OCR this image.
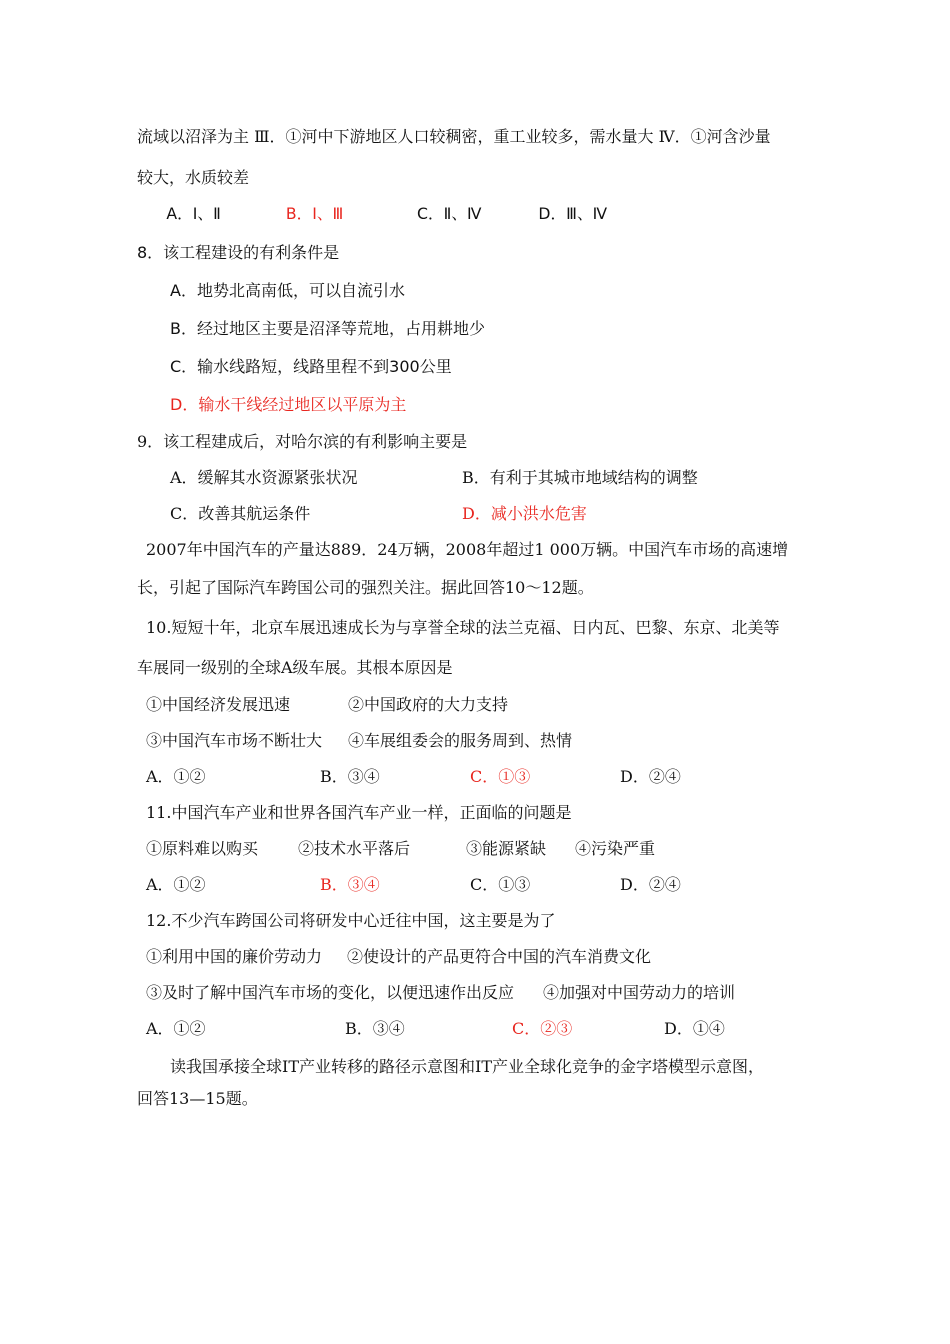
流域以沼泽为主 Ⅲ．①河中下游地区人口较稠密，重工业较多，需水量大 Ⅳ．①河含沙量
较大，水质较差
A．Ⅰ、Ⅱ	B．Ⅰ、Ⅲ	C．Ⅱ、Ⅳ	D．Ⅲ、Ⅳ
8．该工程建设的有利条件是
A．地势北高南低，可以自流引水
B．经过地区主要是沼泽等荒地，占用耕地少
C．输水线路短，线路里程不到300公里
D．输水干线经过地区以平原为主
9．该工程建成后，对哈尔滨的有利影响主要是
A．缓解其水资源紧张状况	B．有利于其城市地域结构的调整
C．改善其航运条件	D．减小洪水危害
2007年中国汽车的产量达889．24万辆，2008年超过1 000万辆。中国汽车市场的高速增
长，引起了国际汽车跨国公司的强烈关注。据此回答10～12题。
10.短短十年，北京车展迅速成长为与享誉全球的法兰克福、日内瓦、巴黎、东京、北美等
车展同一级别的全球A级车展。其根本原因是
①中国经济发展迅速	②中国政府的大力支持
③中国汽车市场不断壮大 ④车展组委会的服务周到、热情
A．①②	B．③④	C．①③	D．②④
11.中国汽车产业和世界各国汽车产业一样，正面临的问题是
①原料难以购买 ②技术水平落后	③能源紧缺 ④污染严重
A．①②	B．③④	C．①③	D．②④
12.不少汽车跨国公司将研发中心迁往中国，这主要是为了
①利用中国的廉价劳动力 ②使设计的产品更符合中国的汽车消费文化
③及时了解中国汽车市场的变化，以便迅速作出反应 ④加强对中国劳动力的培训
A．①②	B．③④	C．②③	D．①④
读我国承接全球IT产业转移的路径示意图和IT产业全球化竞争的金字塔模型示意图，
回答13—15题。
